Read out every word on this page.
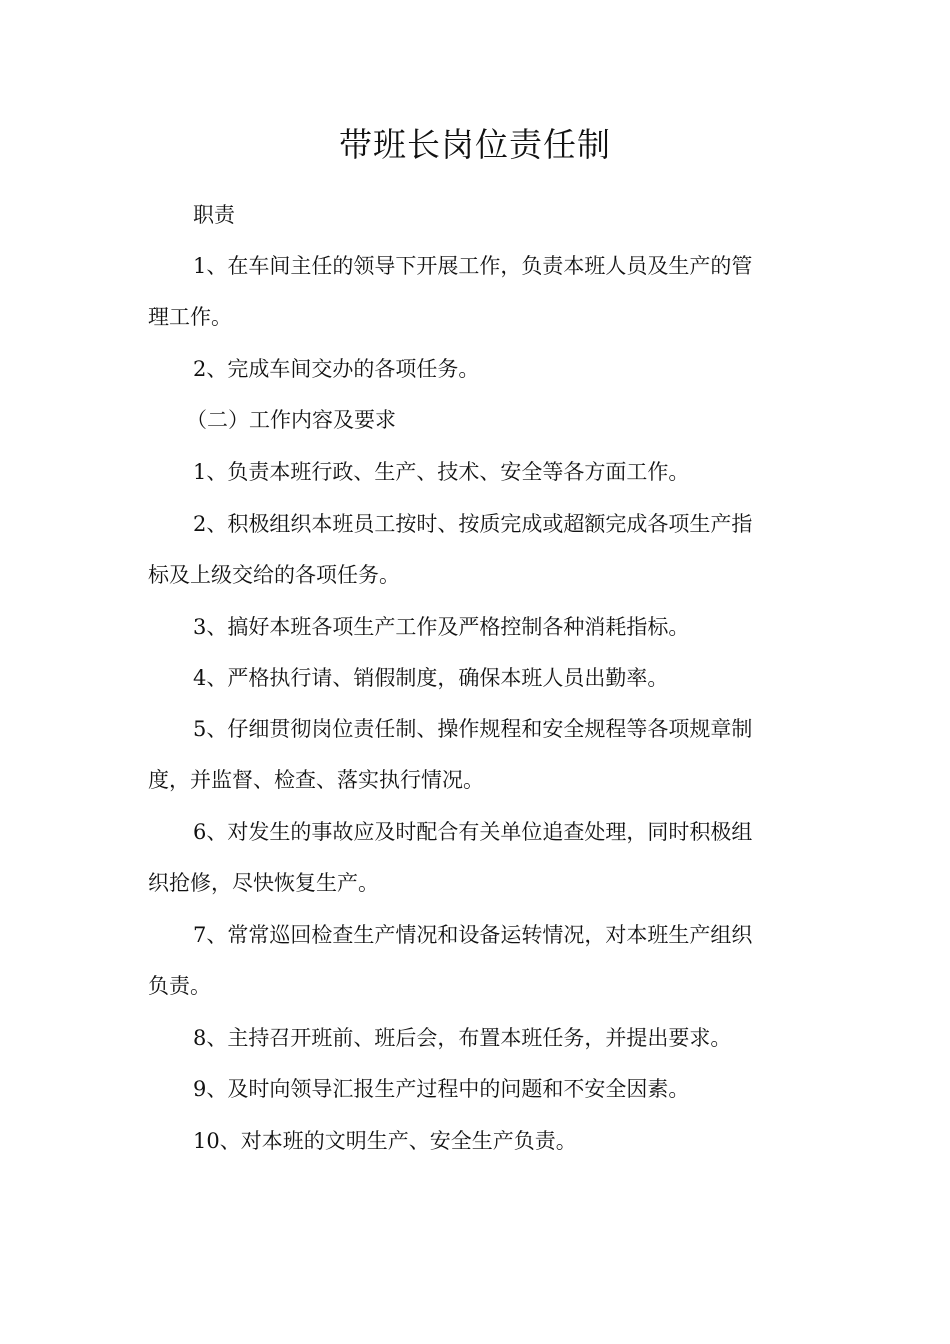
带班长岗位责任制

职责

1、在车间主任的领导下开展工作，负责本班人员及生产的管

理工作。

2、完成车间交办的各项任务。

（二）工作内容及要求

1、负责本班行政、生产、技术、安全等各方面工作。

2、积极组织本班员工按时、按质完成或超额完成各项生产指

标及上级交给的各项任务。

3、搞好本班各项生产工作及严格控制各种消耗指标。

4、严格执行请、销假制度，确保本班人员出勤率。

5、仔细贯彻岗位责任制、操作规程和安全规程等各项规章制

度，并监督、检查、落实执行情况。

6、对发生的事故应及时配合有关单位追查处理，同时积极组

织抢修，尽快恢复生产。

7、常常巡回检查生产情况和设备运转情况，对本班生产组织

负责。

8、主持召开班前、班后会，布置本班任务，并提出要求。

9、及时向领导汇报生产过程中的问题和不安全因素。

10、对本班的文明生产、安全生产负责。
